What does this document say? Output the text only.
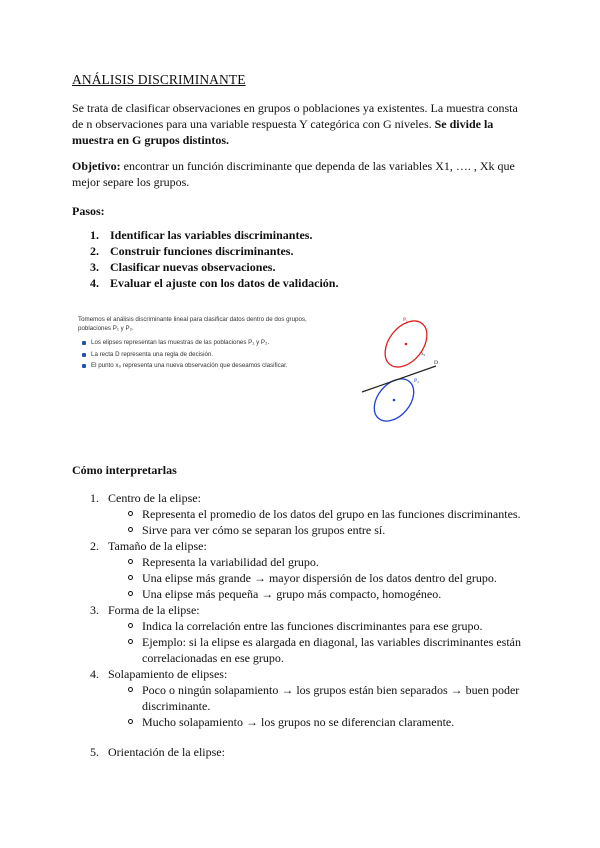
ANÁLISIS DISCRIMINANTE
Se trata de clasificar observaciones en grupos o poblaciones ya existentes. La muestra consta de n observaciones para una variable respuesta Y categórica con G niveles. Se divide la muestra en G grupos distintos.
Objetivo: encontrar un función discriminante que dependa de las variables X1, …. , Xk que mejor separe los grupos.
Pasos:
1. Identificar las variables discriminantes.
2. Construir funciones discriminantes.
3. Clasificar nuevas observaciones.
4. Evaluar el ajuste con los datos de validación.
Tomemos el análisis discriminante lineal para clasificar datos dentro de dos grupos, poblaciones P₁ y P₂.
Los elipses representan las muestras de las poblaciones P₁ y P₂.
La recta D representa una regla de decisión.
El punto x₀ representa una nueva observación que deseamos clasificar.
P₁
P₂
D
x₀
Cómo interpretarlas
1. Centro de la elipse:
Representa el promedio de los datos del grupo en las funciones discriminantes.
Sirve para ver cómo se separan los grupos entre sí.
2. Tamaño de la elipse:
Representa la variabilidad del grupo.
Una elipse más grande → mayor dispersión de los datos dentro del grupo.
Una elipse más pequeña → grupo más compacto, homogéneo.
3. Forma de la elipse:
Indica la correlación entre las funciones discriminantes para ese grupo.
Ejemplo: si la elipse es alargada en diagonal, las variables discriminantes están correlacionadas en ese grupo.
4. Solapamiento de elipses:
Poco o ningún solapamiento → los grupos están bien separados → buen poder discriminante.
Mucho solapamiento → los grupos no se diferencian claramente.
5. Orientación de la elipse:
